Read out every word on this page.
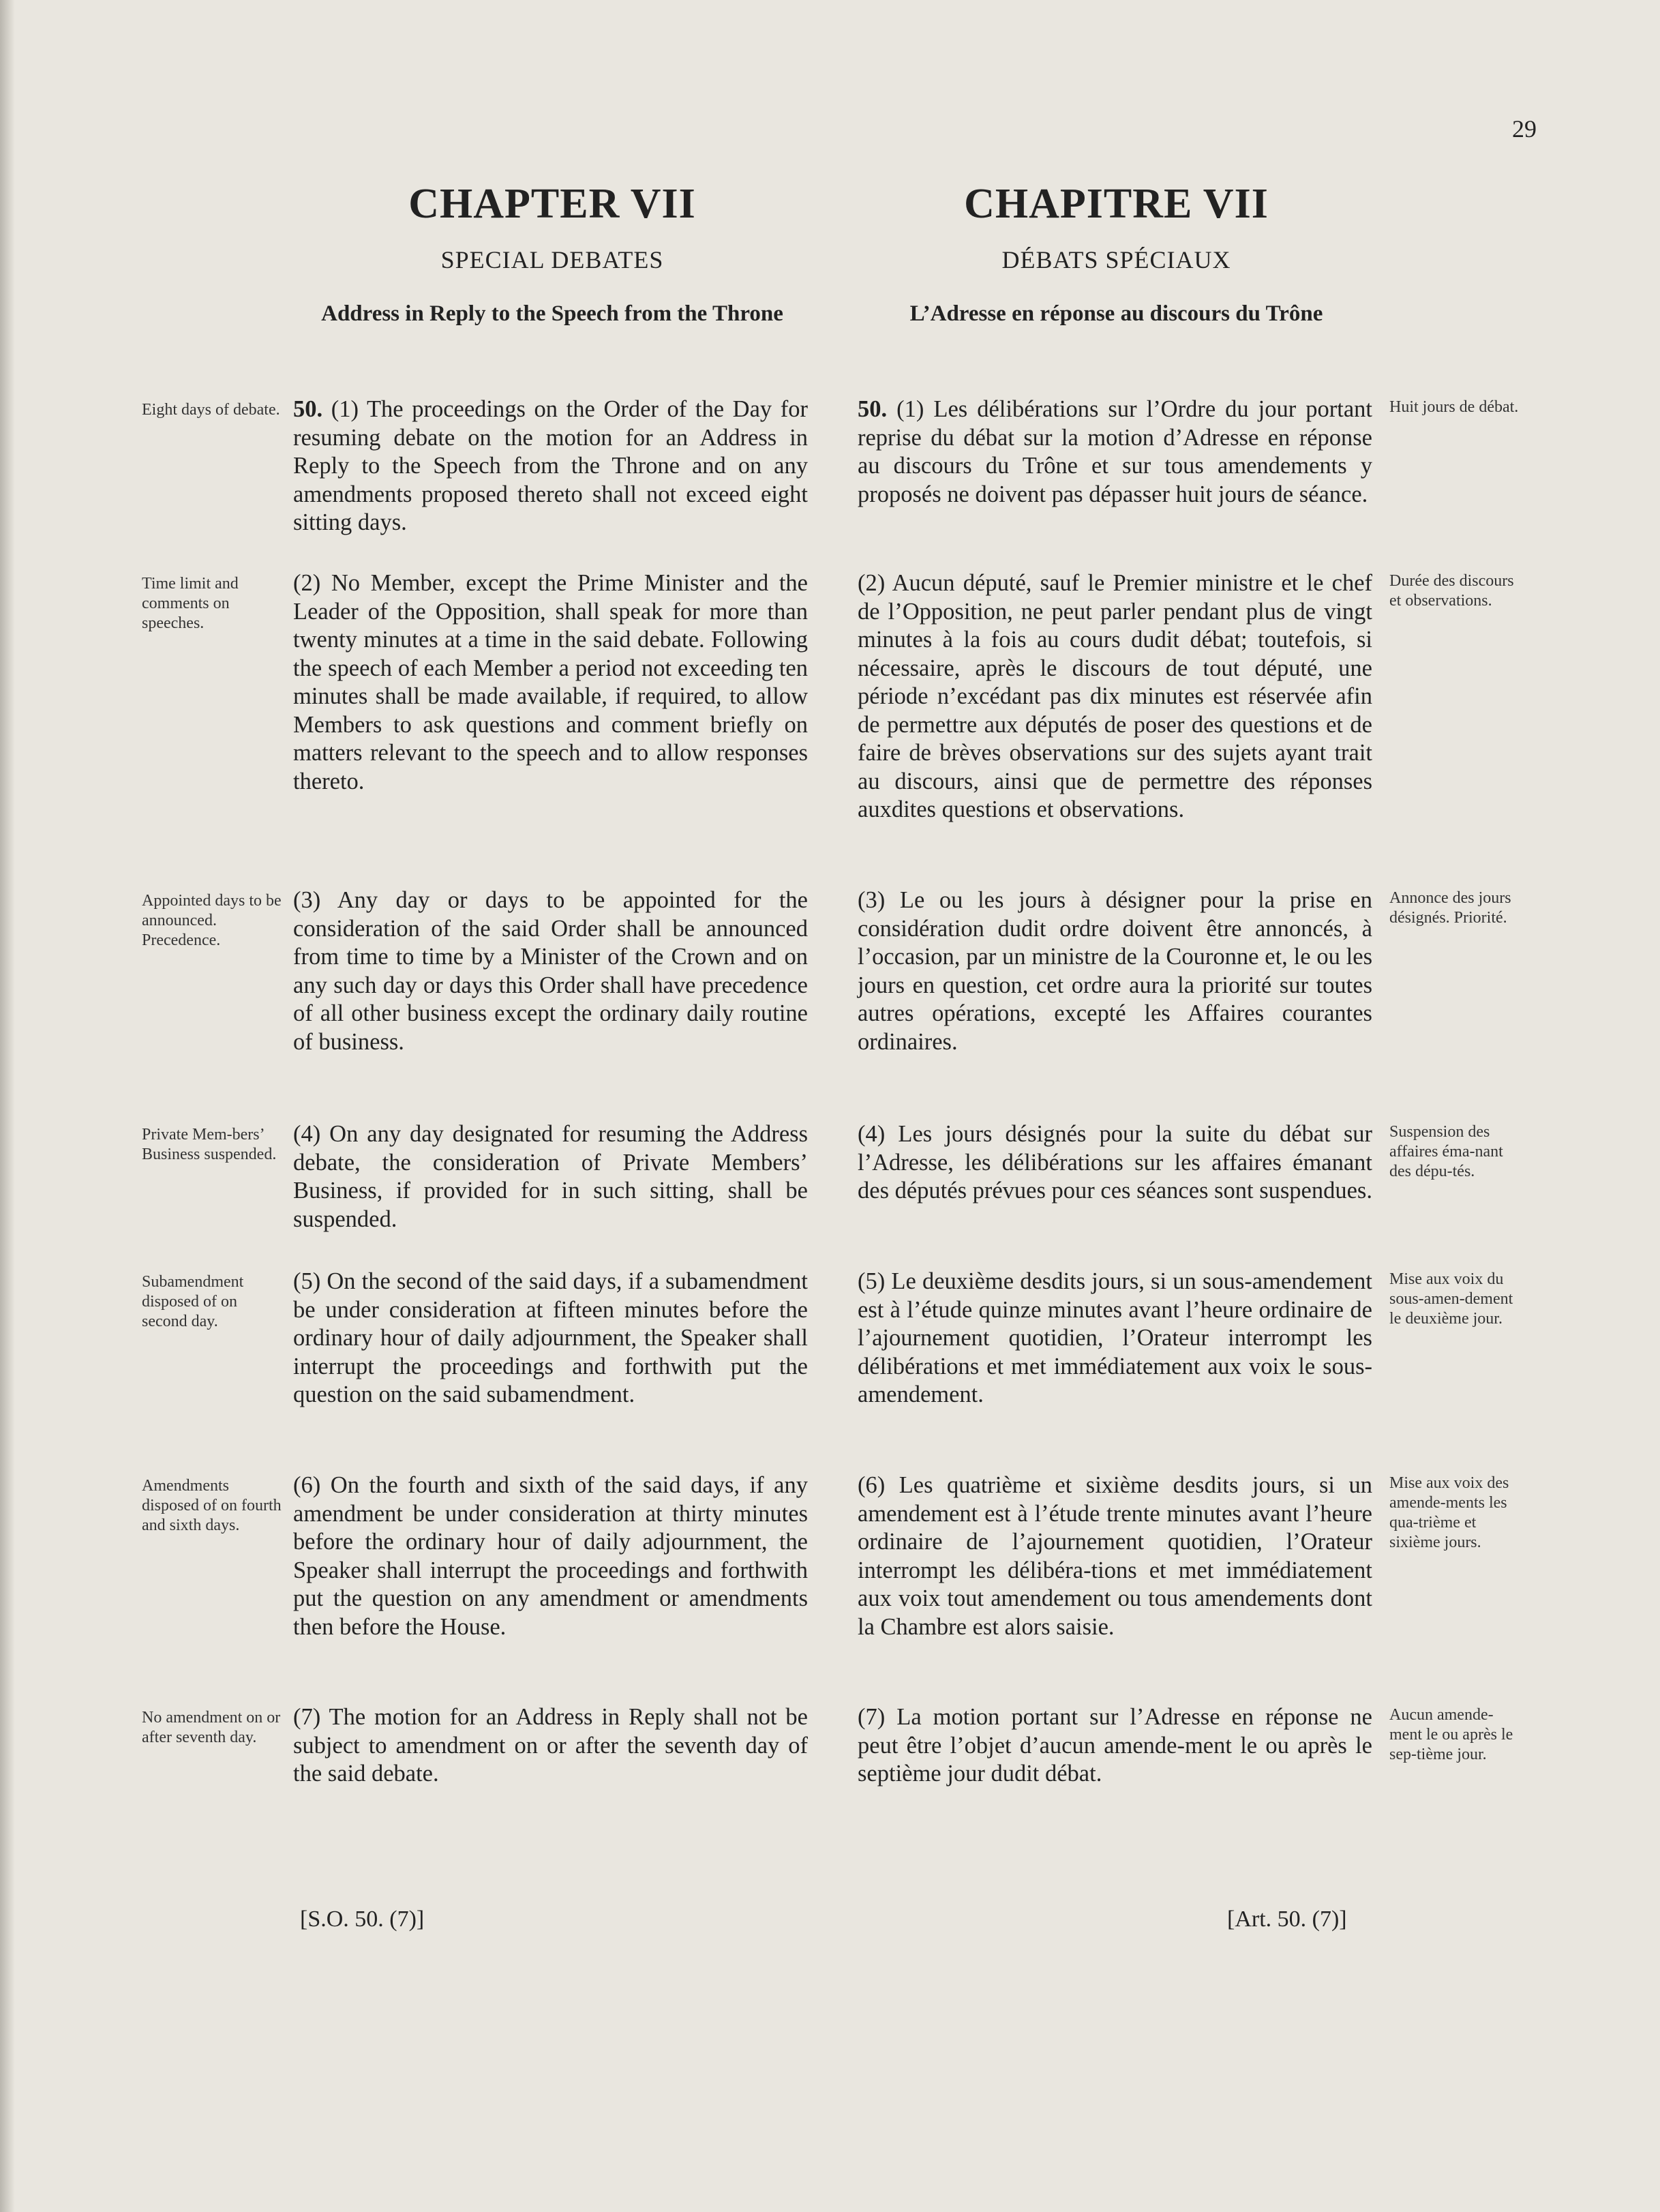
29
CHAPTER VII
SPECIAL DEBATES
Address in Reply to the Speech from the Throne
CHAPITRE VII
DÉBATS SPÉCIAUX
L’Adresse en réponse au discours du Trône
Eight days of debate. 50. (1) The proceedings on the Order of the Day for resuming debate on the motion for an Address in Reply to the Speech from the Throne and on any amendments proposed thereto shall not exceed eight sitting days.
Time limit and comments on speeches.
(2) No Member, except the Prime Minister and the Leader of the Opposition, shall speak for more than twenty minutes at a time in the said debate. Following the speech of each Member a period not exceeding ten minutes shall be made available, if required, to allow Members to ask questions and comment briefly on matters relevant to the speech and to allow responses thereto.
Appointed days to be announced. Precedence.
(3) Any day or days to be appointed for the consideration of the said Order shall be announced from time to time by a Minister of the Crown and on any such day or days this Order shall have precedence of all other business except the ordinary daily routine of business.
Private Mem-bers’ Business suspended.
(4) On any day designated for resuming the Address debate, the consideration of Private Members’ Business, if provided for in such sitting, shall be suspended.
Subamendment disposed of on second day.
(5) On the second of the said days, if a subamendment be under consideration at fifteen minutes before the ordinary hour of daily adjournment, the Speaker shall interrupt the proceedings and forthwith put the question on the said subamendment.
Amendments disposed of on fourth and sixth days.
(6) On the fourth and sixth of the said days, if any amendment be under consideration at thirty minutes before the ordinary hour of daily adjournment, the Speaker shall interrupt the proceedings and forthwith put the question on any amendment or amendments then before the House.
No amendment on or after seventh day.
(7) The motion for an Address in Reply shall not be subject to amendment on or after the seventh day of the said debate.
50. (1) Les délibérations sur l’Ordre du jour portant reprise du débat sur la motion d’Adresse en réponse au discours du Trône et sur tous amendements y proposés ne doivent pas dépasser huit jours de séance.
Huit jours de débat.
(2) Aucun député, sauf le Premier ministre et le chef de l’Opposition, ne peut parler pendant plus de vingt minutes à la fois au cours dudit débat; toutefois, si nécessaire, après le discours de tout député, une période n’excédant pas dix minutes est réservée afin de permettre aux députés de poser des questions et de faire de brèves observations sur des sujets ayant trait au discours, ainsi que de permettre des réponses auxdites questions et observations.
Durée des discours et observations.
(3) Le ou les jours à désigner pour la prise en considération dudit ordre doivent être annoncés, à l’occasion, par un ministre de la Couronne et, le ou les jours en question, cet ordre aura la priorité sur toutes autres opérations, excepté les Affaires courantes ordinaires.
Annonce des jours désignés. Priorité.
(4) Les jours désignés pour la suite du débat sur l’Adresse, les délibérations sur les affaires émanant des députés prévues pour ces séances sont suspendues.
Suspension des affaires éma-nant des dépu-tés.
(5) Le deuxième desdits jours, si un sous-amendement est à l’étude quinze minutes avant l’heure ordinaire de l’ajournement quotidien, l’Orateur interrompt les délibérations et met immédiatement aux voix le sous-amendement.
Mise aux voix du sous-amen-dement le deuxième jour.
(6) Les quatrième et sixième desdits jours, si un amendement est à l’étude trente minutes avant l’heure ordinaire de l’ajournement quotidien, l’Orateur interrompt les délibéra-tions et met immédiatement aux voix tout amendement ou tous amendements dont la Chambre est alors saisie.
Mise aux voix des amende-ments les qua-trième et sixième jours.
(7) La motion portant sur l’Adresse en réponse ne peut être l’objet d’aucun amende-ment le ou après le septième jour dudit débat.
Aucun amende-ment le ou après le sep-tième jour.
[S.O. 50. (7)]	[Art. 50. (7)]
